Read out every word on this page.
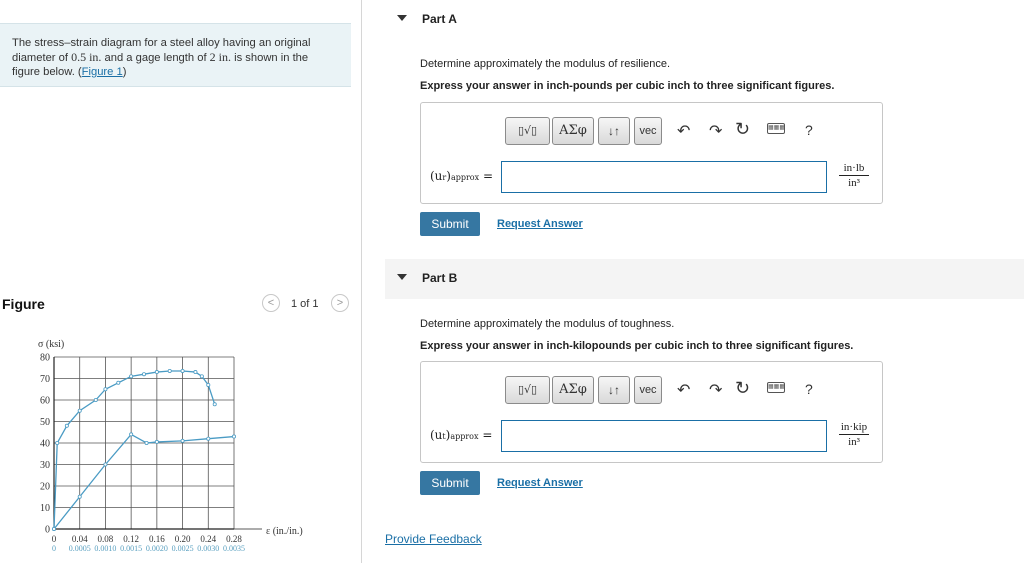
The stress–strain diagram for a steel alloy having an original
diameter of 0.5 in. and a gage length of 2 in. is shown in the
figure below. (Figure 1)
Figure	<	1 of 1	>
0
10
20
30
40
50
60
70
80
0 0.04 0.08 0.12 0.16 0.20 0.24 0.28
0 0.0005 0.0010 0.0015 0.0020 0.0025 0.0030 0.0035
σ (ksi)
ε (in./in.)
Part A
Determine approximately the modulus of resilience.
Express your answer in inch-pounds per cubic inch to three significant figures.
▯√▯	ΑΣφ	↓↑	vec	↶ ↷ ↻	▦▦▦ ?
(ur)approx =	$\frac{in\cdot lb}{\text{in³}}$
Submit	Request Answer
Part B
Determine approximately the modulus of toughness.
Express your answer in inch-kilopounds per cubic inch to three significant figures.
▯√▯	ΑΣφ	↓↑	vec	↶ ↷ ↻	▦▦▦ ?
(ut)approx =
in·kip
in³
Submit	Request Answer
Provide Feedback
